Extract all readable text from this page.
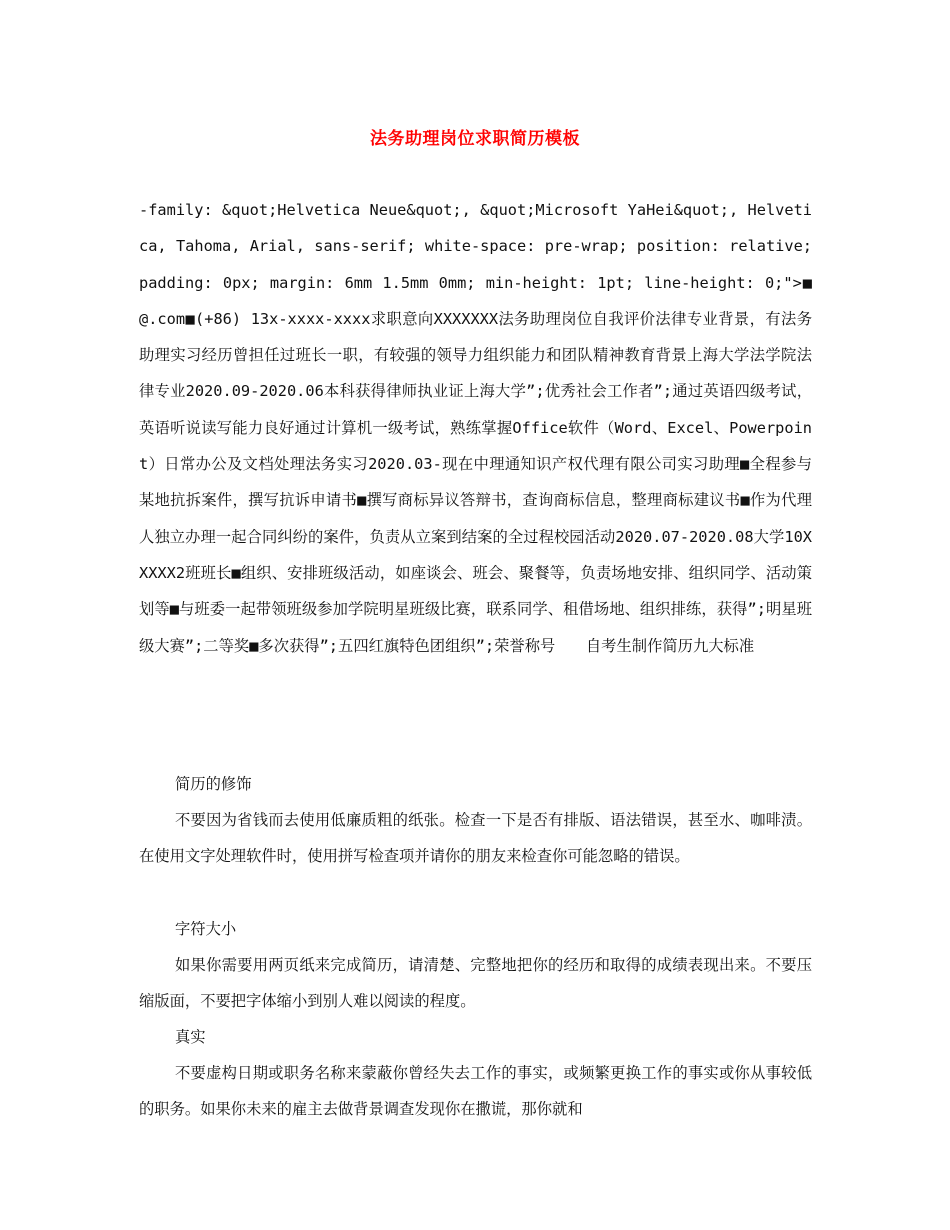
法务助理岗位求职简历模板
-family: &quot;Helvetica Neue&quot;, &quot;Microsoft YaHei&quot;, Helvetica, Tahoma, Arial, sans-serif; white-space: pre-wrap; position: relative; padding: 0px; margin: 6mm 1.5mm 0mm; min-height: 1pt; line-height: 0;">■@.com■(+86) 13x-xxxx-xxxx求职意向XXXXXXX法务助理岗位自我评价法律专业背景，有法务助理实习经历曾担任过班长一职，有较强的领导力组织能力和团队精神教育背景上海大学法学院法律专业2020.09-2020.06本科获得律师执业证上海大学”;优秀社会工作者”;通过英语四级考试，英语听说读写能力良好通过计算机一级考试，熟练掌握Office软件（Word、Excel、Powerpoint）日常办公及文档处理法务实习2020.03-现在中理通知识产权代理有限公司实习助理■全程参与某地抗拆案件，撰写抗诉申请书■撰写商标异议答辩书，查询商标信息，整理商标建议书■作为代理人独立办理一起合同纠纷的案件，负责从立案到结案的全过程校园活动2020.07-2020.08大学10XXXXX2班班长■组织、安排班级活动，如座谈会、班会、聚餐等，负责场地安排、组织同学、活动策划等■与班委一起带领班级参加学院明星班级比赛，联系同学、租借场地、组织排练，获得”;明星班级大赛”;二等奖■多次获得”;五四红旗特色团组织”;荣誉称号　　自考生制作简历九大标准
简历的修饰
不要因为省钱而去使用低廉质粗的纸张。检查一下是否有排版、语法错误，甚至水、咖啡渍。在使用文字处理软件时，使用拼写检查项并请你的朋友来检查你可能忽略的错误。
字符大小
如果你需要用两页纸来完成简历，请清楚、完整地把你的经历和取得的成绩表现出来。不要压缩版面，不要把字体缩小到别人难以阅读的程度。
真实
不要虚构日期或职务名称来蒙蔽你曾经失去工作的事实，或频繁更换工作的事实或你从事较低的职务。如果你未来的雇主去做背景调查发现你在撒谎，那你就和
